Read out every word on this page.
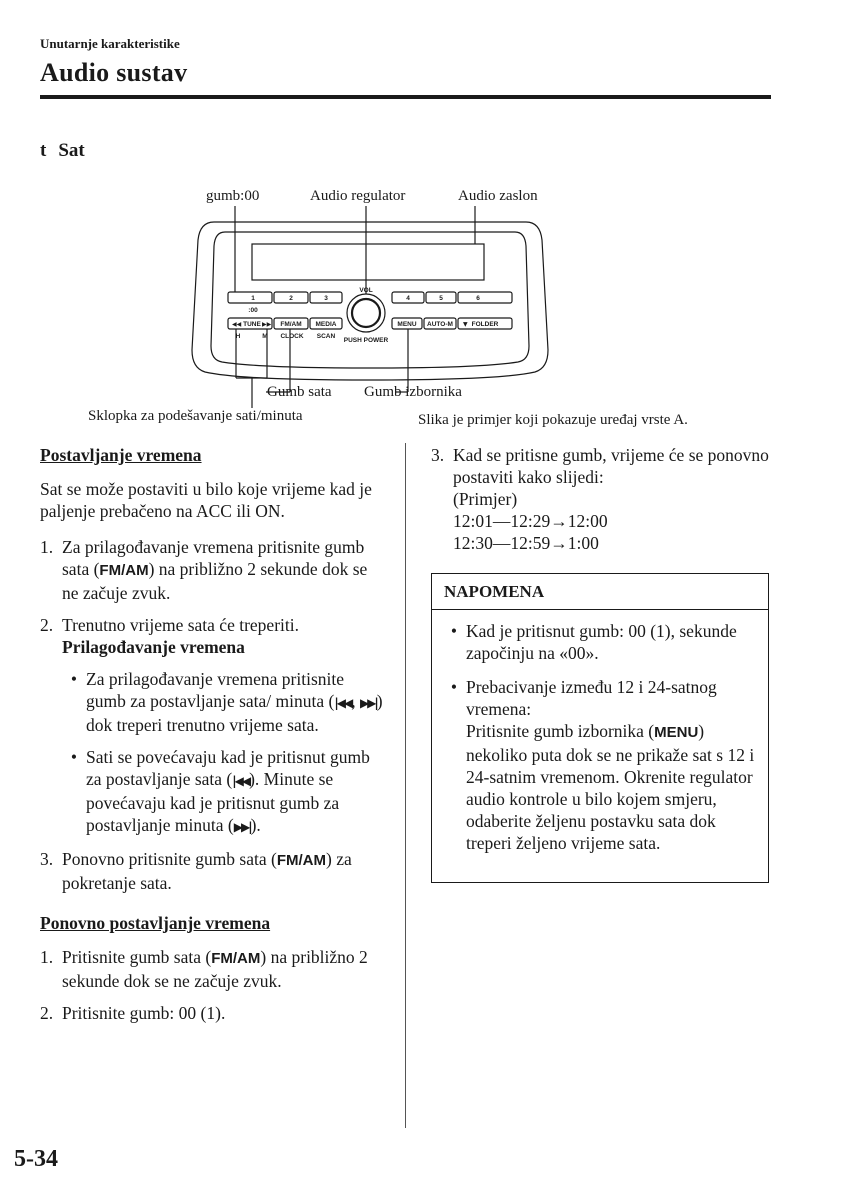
Unutarnje karakteristike
Audio sustav
t Sat
1	2	3	4	5	6
:00
VOL
PUSH POWER
TUNE	FM/AM MEDIA	MENU AUTO-M	FOLDER
H	M CLOCK SCAN
◀◀	▶▶	▼
gumb:00	Audio regulator	Audio zaslon
Gumb sata Gumb izbornika
Sklopka za podešavanje sati/minuta	Slika je primjer koji pokazuje uređaj vrste A.
Postavljanje vremena

Sat se može postaviti u bilo koje vrijeme kad je paljenje prebačeno na ACC ili ON.

1. Za prilagođavanje vremena pritisnite gumb sata (FM/AM) na približno 2 sekunde dok se ne začuje zvuk.
2. Trenutno vrijeme sata će treperiti.
Prilagođavanje vremena
• Za prilagođavanje vremena pritisnite gumb za postavljanje sata/ minuta (|◀◀, ▶▶|) dok treperi trenutno vrijeme sata.
• Sati se povećavaju kad je pritisnut gumb za postavljanje sata (|◀◀). Minute se povećavaju kad je pritisnut gumb za postavljanje minuta (▶▶|).
3. Ponovno pritisnite gumb sata (FM/AM) za pokretanje sata.
Ponovno postavljanje vremena
1. Pritisnite gumb sata (FM/AM) na približno 2 sekunde dok se ne začuje zvuk.
2. Pritisnite gumb: 00 (1).
3. Kad se pritisne gumb, vrijeme će se ponovno postaviti kako slijedi:
(Primjer)
12:01—12:29→12:00
12:30—12:59→1:00
NAPOMENA
• Kad je pritisnut gumb: 00 (1), sekunde započinju na «00».
• Prebacivanje između 12 i 24-satnog vremena:
Pritisnite gumb izbornika (MENU) nekoliko puta dok se ne prikaže sat s 12 i 24-satnim vremenom. Okrenite regulator audio kontrole u bilo kojem smjeru, odaberite željenu postavku sata dok treperi željeno vrijeme sata.
5-34
